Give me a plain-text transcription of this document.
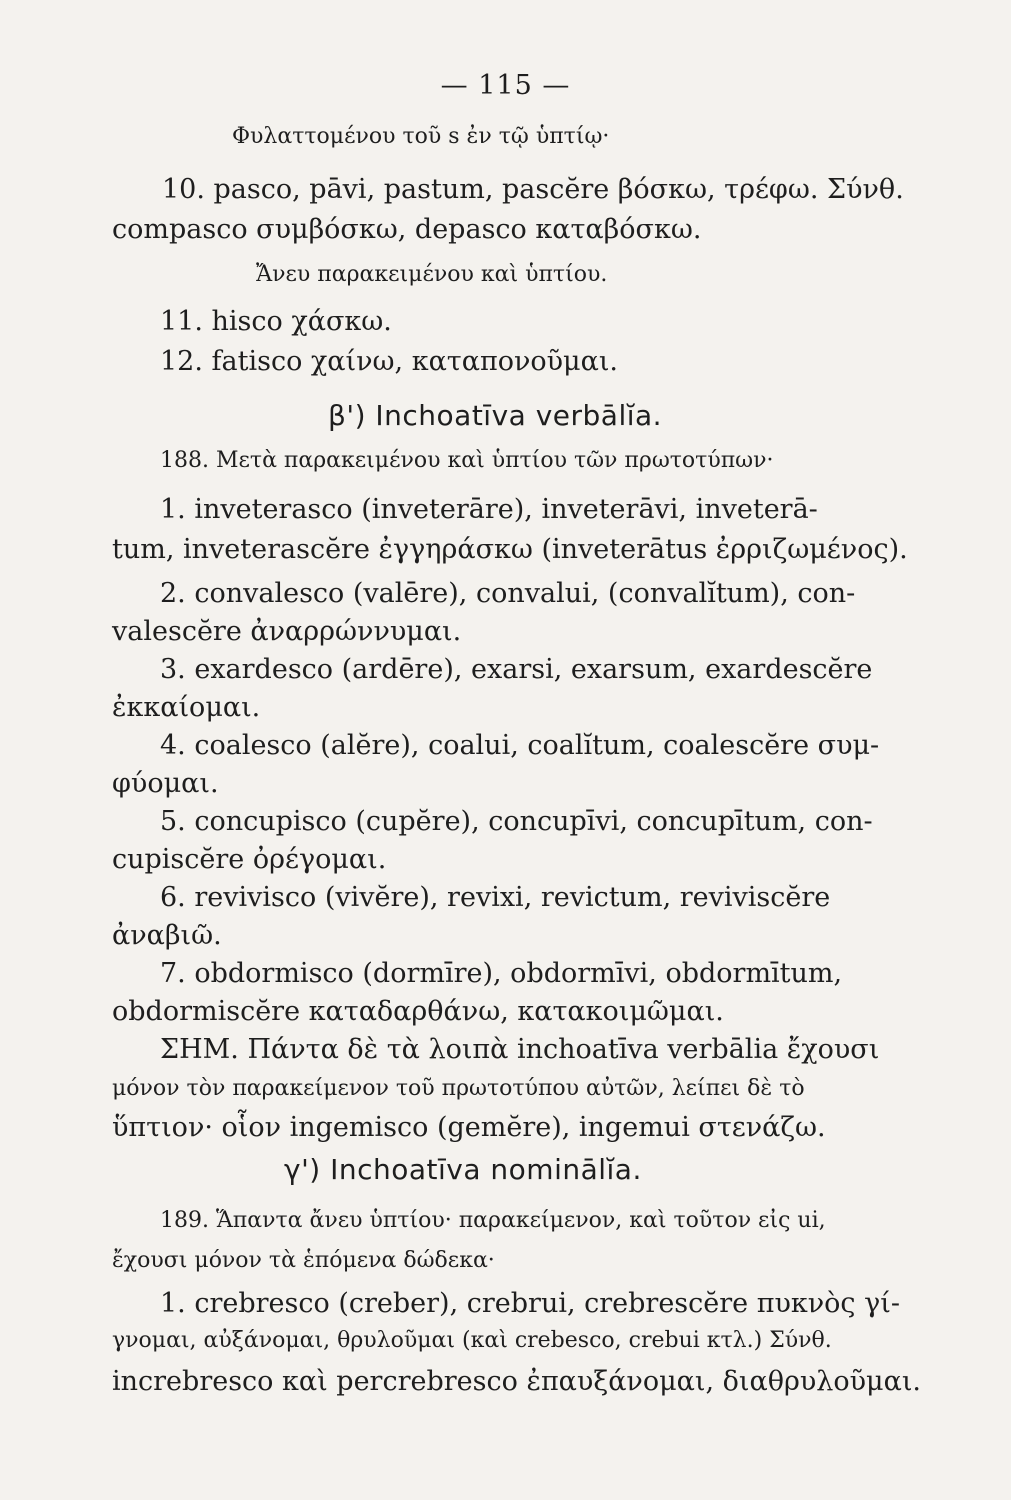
— 115 —
Φυλαττομένου τοῦ s ἐν τῷ ὑπτίῳ·
10. pasco, pāvi, pastum, pascĕre βόσκω, τρέφω. Σύνθ.
compasco συμβόσκω, depasco καταβόσκω.
Ἄνευ παρακειμένου καὶ ὑπτίου.
11. hisco χάσκω.
12. fatisco χαίνω, καταπονοῦμαι.
β') Inchoatīva verbālĭa.
188. Μετὰ παρακειμένου καὶ ὑπτίου τῶν πρωτοτύπων·
1. inveterasco (inveterāre), inveterāvi, inveterā-
tum, inveterascĕre ἐγγηράσκω (inveterātus ἐρριζωμένος).
2. convalesco (valēre), convalui, (convalĭtum), con-
valescĕre ἀναρρώννυμαι.
3. exardesco (ardēre), exarsi, exarsum, exardescĕre
ἐκκαίομαι.
4. coalesco (alĕre), coalui, coalĭtum, coalescĕre συμ-
φύομαι.
5. concupisco (cupĕre), concupīvi, concupītum, con-
cupiscĕre ὀρέγομαι.
6. revivisco (vivĕre), revixi, revictum, reviviscĕre
ἀναβιῶ.
7. obdormisco (dormīre), obdormīvi, obdormītum,
obdormiscĕre καταδαρθάνω, κατακοιμῶμαι.
ΣΗΜ. Πάντα δὲ τὰ λοιπὰ inchoatīva verbālia ἔχουσι
μόνον τὸν παρακείμενον τοῦ πρωτοτύπου αὐτῶν, λείπει δὲ τὸ
ὕπτιον· οἷον ingemisco (gemĕre), ingemui στενάζω.
γ') Inchoatīva nominālĭa.
189. Ἅπαντα ἄνευ ὑπτίου· παρακείμενον, καὶ τοῦτον εἰς ui,
ἔχουσι μόνον τὰ ἑπόμενα δώδεκα·
1. crebresco (creber), crebrui, crebrescĕre πυκνὸς γί-
γνομαι, αὐξάνομαι, θρυλοῦμαι (καὶ crebesco, crebui κτλ.) Σύνθ.
increbresco καὶ percrebresco ἐπαυξάνομαι, διαθρυλοῦμαι.
